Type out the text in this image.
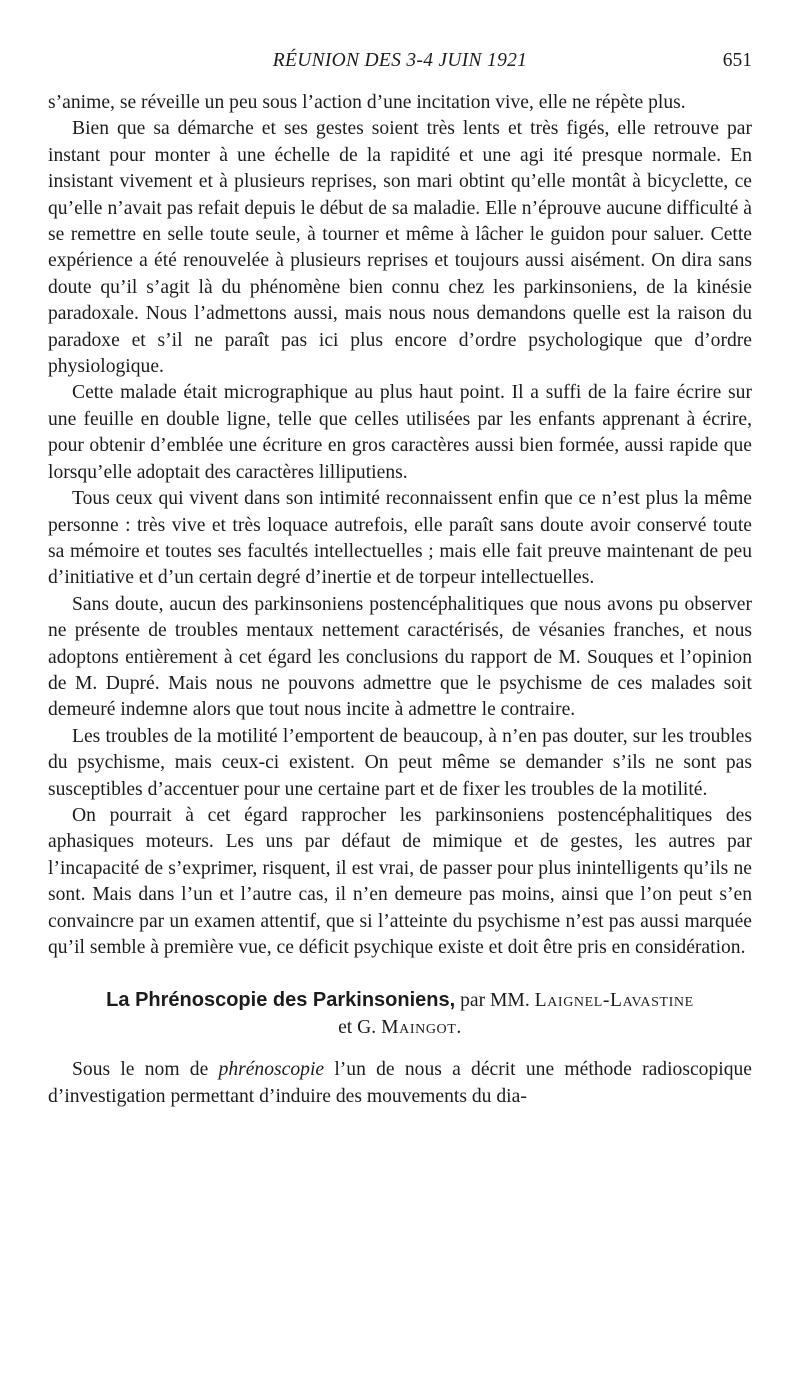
RÉUNION DES 3-4 JUIN 1921	651

s’anime, se réveille un peu sous l’action d’une incitation vive, elle ne répète plus.

Bien que sa démarche et ses gestes soient très lents et très figés, elle retrouve par instant pour monter à une échelle de la rapidité et une agi ité presque normale. En insistant vivement et à plusieurs reprises, son mari obtint qu’elle montât à bicyclette, ce qu’elle n’avait pas refait depuis le début de sa maladie. Elle n’éprouve aucune difficulté à se remettre en selle toute seule, à tourner et même à lâcher le guidon pour saluer. Cette expérience a été renouvelée à plusieurs reprises et toujours aussi aisément. On dira sans doute qu’il s’agit là du phénomène bien connu chez les parkinsoniens, de la kinésie paradoxale. Nous l’admettons aussi, mais nous nous demandons quelle est la raison du paradoxe et s’il ne paraît pas ici plus encore d’ordre psychologique que d’ordre physiologique.

Cette malade était micrographique au plus haut point. Il a suffi de la faire écrire sur une feuille en double ligne, telle que celles utilisées par les enfants apprenant à écrire, pour obtenir d’emblée une écriture en gros caractères aussi bien formée, aussi rapide que lorsqu’elle adoptait des caractères lilliputiens.

Tous ceux qui vivent dans son intimité reconnaissent enfin que ce n’est plus la même personne : très vive et très loquace autrefois, elle paraît sans doute avoir conservé toute sa mémoire et toutes ses facultés intellectuelles ; mais elle fait preuve maintenant de peu d’initiative et d’un certain degré d’inertie et de torpeur intellectuelles.

Sans doute, aucun des parkinsoniens postencéphalitiques que nous avons pu observer ne présente de troubles mentaux nettement caractérisés, de vésanies franches, et nous adoptons entièrement à cet égard les conclusions du rapport de M. Souques et l’opinion de M. Dupré. Mais nous ne pouvons admettre que le psychisme de ces malades soit demeuré indemne alors que tout nous incite à admettre le contraire.

Les troubles de la motilité l’emportent de beaucoup, à n’en pas douter, sur les troubles du psychisme, mais ceux-ci existent. On peut même se demander s’ils ne sont pas susceptibles d’accentuer pour une certaine part et de fixer les troubles de la motilité.

On pourrait à cet égard rapprocher les parkinsoniens postencéphalitiques des aphasiques moteurs. Les uns par défaut de mimique et de gestes, les autres par l’incapacité de s’exprimer, risquent, il est vrai, de passer pour plus inintelligents qu’ils ne sont. Mais dans l’un et l’autre cas, il n’en demeure pas moins, ainsi que l’on peut s’en convaincre par un examen attentif, que si l’atteinte du psychisme n’est pas aussi marquée qu’il semble à première vue, ce déficit psychique existe et doit être pris en considération.

La Phrénoscopie des Parkinsoniens, par MM. Laignel-Lavastine
et G. Maingot.

Sous le nom de phrénoscopie l’un de nous a décrit une méthode radioscopique d’investigation permettant d’induire des mouvements du dia-
